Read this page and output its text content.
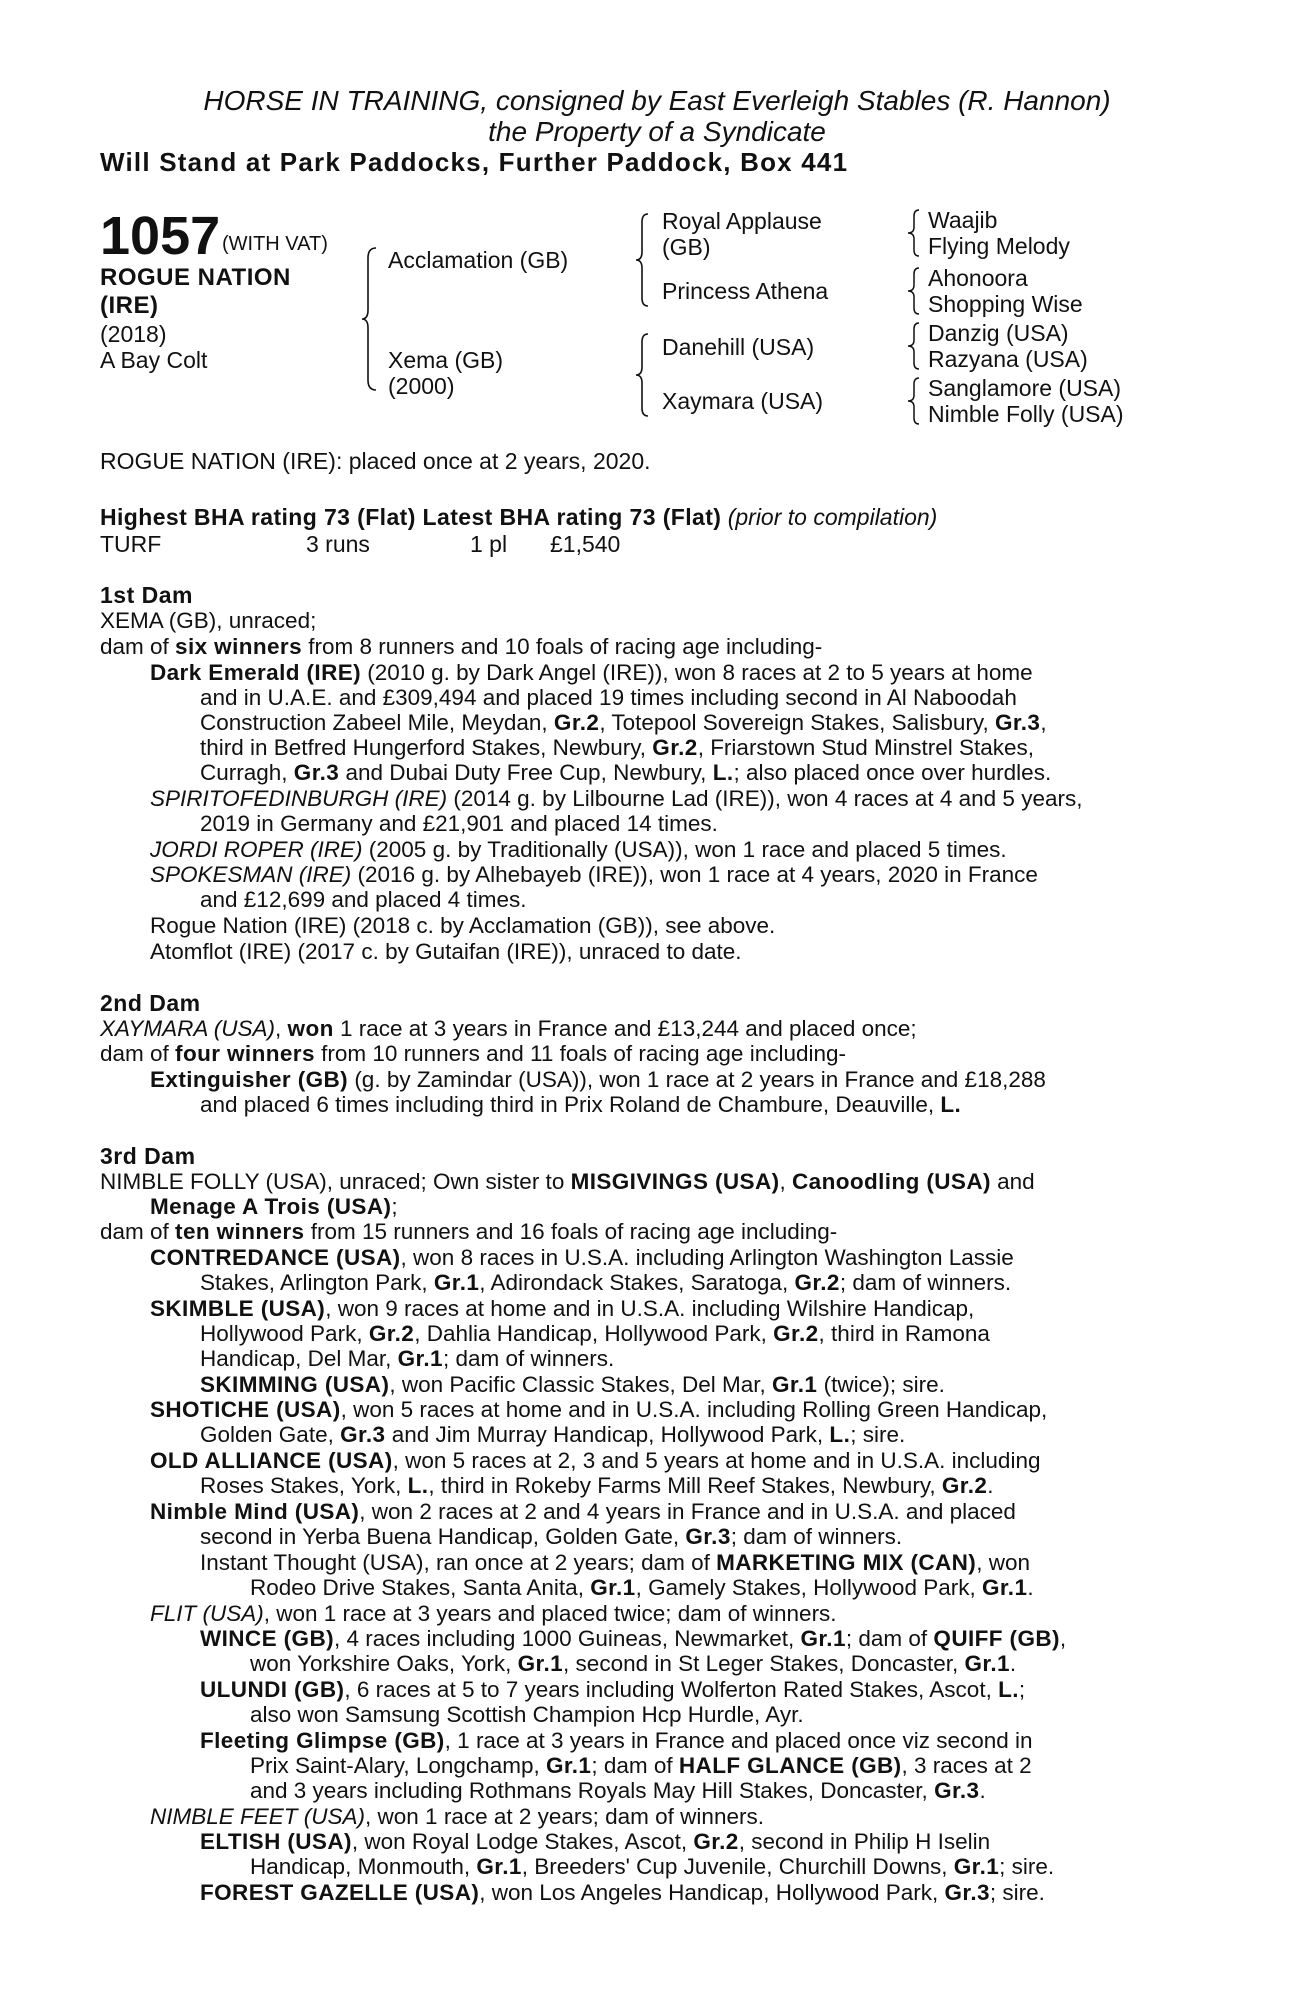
HORSE IN TRAINING, consigned by East Everleigh Stables (R. Hannon)
the Property of a Syndicate
Will Stand at Park Paddocks, Further Paddock, Box 441
1057 (WITH VAT)
ROGUE NATION
(IRE)
(2018)
A Bay Colt
Acclamation (GB)
Xema (GB)
(2000)
Royal Applause
(GB)
Princess Athena
Danehill (USA)
Xaymara (USA)
Waajib
Flying Melody
Ahonoora
Shopping Wise
Danzig (USA)
Razyana (USA)
Sanglamore (USA)
Nimble Folly (USA)
ROGUE NATION (IRE): placed once at 2 years, 2020.
Highest BHA rating 73 (Flat) Latest BHA rating 73 (Flat) (prior to compilation)
TURF	3 runs	1 pl £1,540
1st Dam
XEMA (GB), unraced;
dam of six winners from 8 runners and 10 foals of racing age including-
Dark Emerald (IRE) (2010 g. by Dark Angel (IRE)), won 8 races at 2 to 5 years at home
and in U.A.E. and £309,494 and placed 19 times including second in Al Naboodah
Construction Zabeel Mile, Meydan, Gr.2, Totepool Sovereign Stakes, Salisbury, Gr.3,
third in Betfred Hungerford Stakes, Newbury, Gr.2, Friarstown Stud Minstrel Stakes,
Curragh, Gr.3 and Dubai Duty Free Cup, Newbury, L.; also placed once over hurdles.
SPIRITOFEDINBURGH (IRE) (2014 g. by Lilbourne Lad (IRE)), won 4 races at 4 and 5 years,
2019 in Germany and £21,901 and placed 14 times.
JORDI ROPER (IRE) (2005 g. by Traditionally (USA)), won 1 race and placed 5 times.
SPOKESMAN (IRE) (2016 g. by Alhebayeb (IRE)), won 1 race at 4 years, 2020 in France
and £12,699 and placed 4 times.
Rogue Nation (IRE) (2018 c. by Acclamation (GB)), see above.
Atomflot (IRE) (2017 c. by Gutaifan (IRE)), unraced to date.
2nd Dam
XAYMARA (USA), won 1 race at 3 years in France and £13,244 and placed once;
dam of four winners from 10 runners and 11 foals of racing age including-
Extinguisher (GB) (g. by Zamindar (USA)), won 1 race at 2 years in France and £18,288
and placed 6 times including third in Prix Roland de Chambure, Deauville, L.
3rd Dam
NIMBLE FOLLY (USA), unraced; Own sister to MISGIVINGS (USA), Canoodling (USA) and
Menage A Trois (USA);
dam of ten winners from 15 runners and 16 foals of racing age including-
CONTREDANCE (USA), won 8 races in U.S.A. including Arlington Washington Lassie
Stakes, Arlington Park, Gr.1, Adirondack Stakes, Saratoga, Gr.2; dam of winners.
SKIMBLE (USA), won 9 races at home and in U.S.A. including Wilshire Handicap,
Hollywood Park, Gr.2, Dahlia Handicap, Hollywood Park, Gr.2, third in Ramona
Handicap, Del Mar, Gr.1; dam of winners.
SKIMMING (USA), won Pacific Classic Stakes, Del Mar, Gr.1 (twice); sire.
SHOTICHE (USA), won 5 races at home and in U.S.A. including Rolling Green Handicap,
Golden Gate, Gr.3 and Jim Murray Handicap, Hollywood Park, L.; sire.
OLD ALLIANCE (USA), won 5 races at 2, 3 and 5 years at home and in U.S.A. including
Roses Stakes, York, L., third in Rokeby Farms Mill Reef Stakes, Newbury, Gr.2.
Nimble Mind (USA), won 2 races at 2 and 4 years in France and in U.S.A. and placed
second in Yerba Buena Handicap, Golden Gate, Gr.3; dam of winners.
Instant Thought (USA), ran once at 2 years; dam of MARKETING MIX (CAN), won
Rodeo Drive Stakes, Santa Anita, Gr.1, Gamely Stakes, Hollywood Park, Gr.1.
FLIT (USA), won 1 race at 3 years and placed twice; dam of winners.
WINCE (GB), 4 races including 1000 Guineas, Newmarket, Gr.1; dam of QUIFF (GB),
won Yorkshire Oaks, York, Gr.1, second in St Leger Stakes, Doncaster, Gr.1.
ULUNDI (GB), 6 races at 5 to 7 years including Wolferton Rated Stakes, Ascot, L.;
also won Samsung Scottish Champion Hcp Hurdle, Ayr.
Fleeting Glimpse (GB), 1 race at 3 years in France and placed once viz second in
Prix Saint-Alary, Longchamp, Gr.1; dam of HALF GLANCE (GB), 3 races at 2
and 3 years including Rothmans Royals May Hill Stakes, Doncaster, Gr.3.
NIMBLE FEET (USA), won 1 race at 2 years; dam of winners.
ELTISH (USA), won Royal Lodge Stakes, Ascot, Gr.2, second in Philip H Iselin
Handicap, Monmouth, Gr.1, Breeders' Cup Juvenile, Churchill Downs, Gr.1; sire.
FOREST GAZELLE (USA), won Los Angeles Handicap, Hollywood Park, Gr.3; sire.
